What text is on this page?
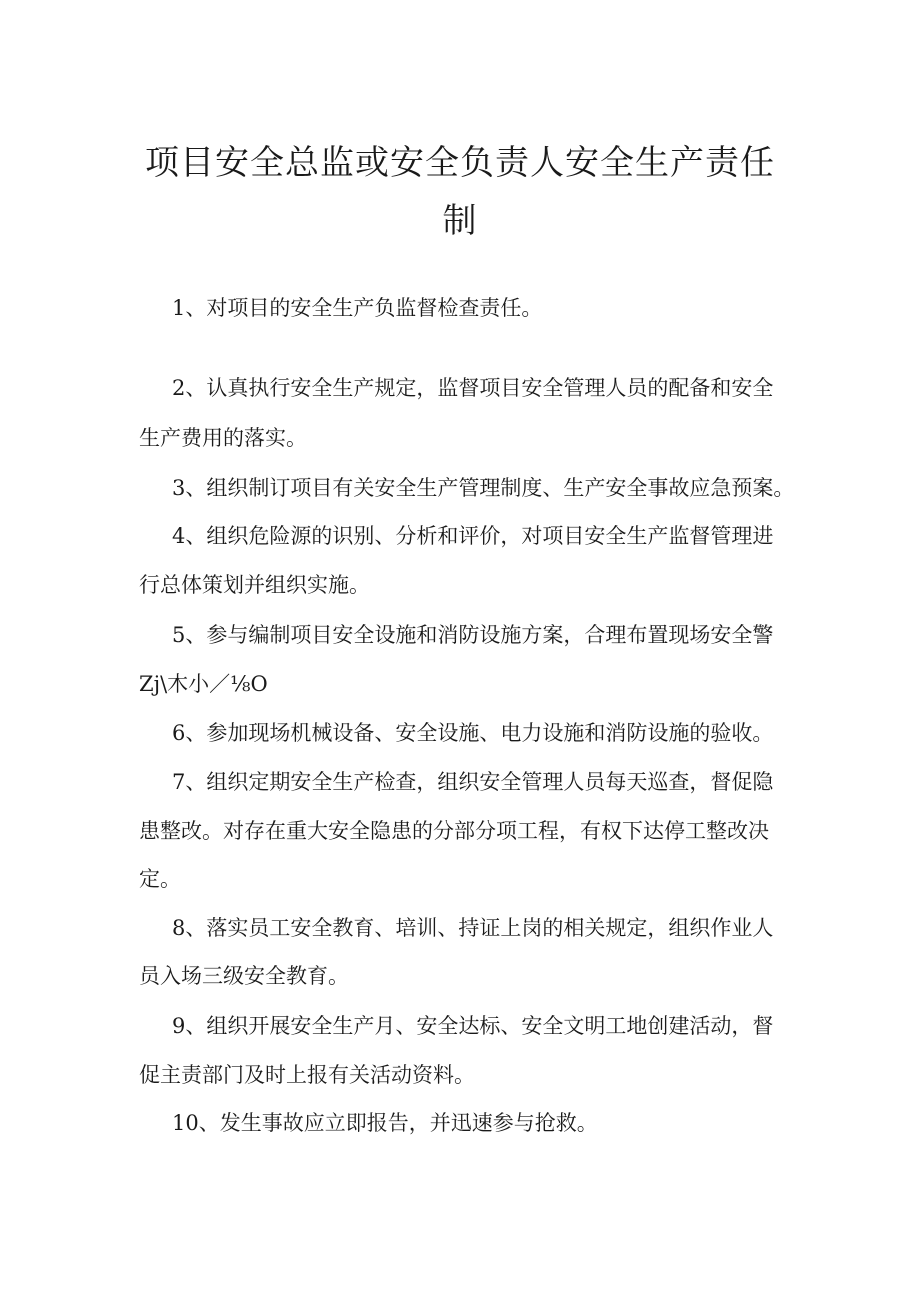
项目安全总监或安全负责人安全生产责任
制

1、对项目的安全生产负监督检查责任。

2、认真执行安全生产规定，监督项目安全管理人员的配备和安全

生产费用的落实。

3、组织制订项目有关安全生产管理制度、生产安全事故应急预案。

4、组织危险源的识别、分析和评价，对项目安全生产监督管理进

行总体策划并组织实施。

5、参与编制项目安全设施和消防设施方案，合理布置现场安全警

Zj\木小／⅛O

6、参加现场机械设备、安全设施、电力设施和消防设施的验收。

7、组织定期安全生产检查，组织安全管理人员每天巡查，督促隐

患整改。对存在重大安全隐患的分部分项工程，有权下达停工整改决

定。

8、落实员工安全教育、培训、持证上岗的相关规定，组织作业人

员入场三级安全教育。

9、组织开展安全生产月、安全达标、安全文明工地创建活动，督

促主责部门及时上报有关活动资料。

10、发生事故应立即报告，并迅速参与抢救。
